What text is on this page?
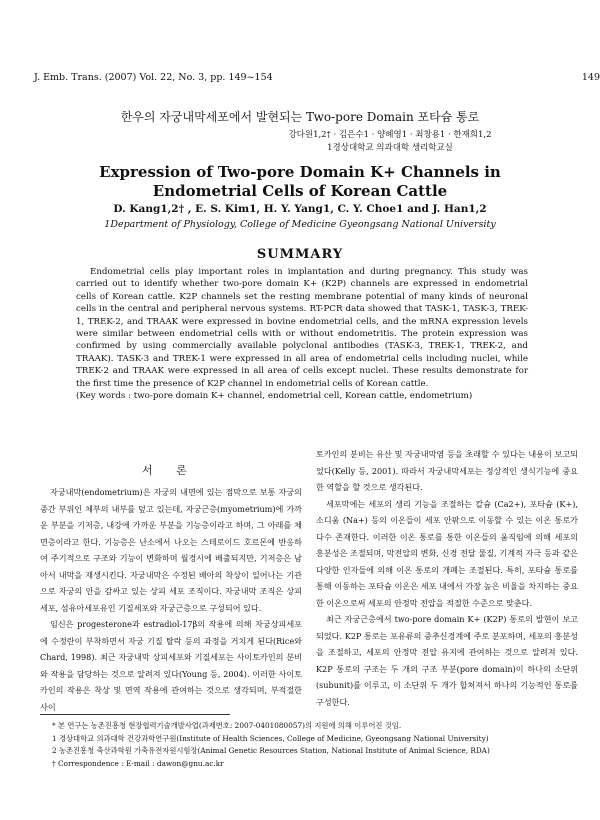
J. Emb. Trans. (2007) Vol. 22, No. 3, pp. 149~154	149
한우의 자궁내막세포에서 발현되는 Two-pore Domain 포타슘 통로
강다원1,2† · 김은수1 · 양혜영1 · 최창용1 · 한재희1,2
1경상대학교 의과대학 생리학교실
Expression of Two-pore Domain K+ Channels in Endometrial Cells of Korean Cattle
D. Kang1,2† , E. S. Kim1, H. Y. Yang1, C. Y. Choe1 and J. Han1,2
1Department of Physiology, College of Medicine Gyeongsang National University
SUMMARY

Endometrial cells play important roles in implantation and during pregnancy. This study was carried out to identify whether two-pore domain K+ (K2P) channels are expressed in endometrial cells of Korean cattle. K2P channels set the resting membrane potential of many kinds of neuronal cells in the central and peripheral nervous systems. RT-PCR data showed that TASK-1, TASK-3, TREK-1, TREK-2, and TRAAK were expressed in bovine endometrial cells, and the mRNA expression levels were similar between endometrial cells with or without endometritis. The protein expression was confirmed by using commercially available polyclonal antibodies (TASK-3, TREK-1, TREK-2, and TRAAK). TASK-3 and TREK-1 were expressed in all area of endometrial cells including nuclei, while TREK-2 and TRAAK were expressed in all area of cells except nuclei. These results demonstrate for the first time the presence of K2P channel in endometrial cells of Korean cattle.

(Key words : two-pore domain K+ channel, endometrial cell, Korean cattle, endometrium)

서 론

자궁내막(endometrium)은 자궁의 내면에 있는 점막으로 보통 자궁의 중간 부위인 체부의 내부를 덮고 있는데, 자궁근층(myometrium)에 가까운 부분을 기저층, 내강에 가까운 부분을 기능층이라고 하며, 그 아래를 체면층이라고 한다. 기능층은 난소에서 나오는 스테로이드 호르몬에 반응하여 주기적으로 구조와 기능이 변화하며 월경시에 배출되지만, 기저층은 남아서 내막을 재생시킨다. 자궁내막은 수정된 배아의 착상이 일어나는 기관으로 자궁의 안을 감싸고 있는 상피 세포 조직이다. 자궁내막 조직은 상피세포, 섬유아세포유인 기질세포와 자궁근층으로 구성되어 있다.

임신은 progesterone과 estradiol-17β의 작용에 의해 자궁상피세포에 수정란이 부착하면서 자궁 기질 탈락 등의 과정을 거치게 된다(Rice와 Chard, 1998). 최근 자궁내막 상피세포와 기질세포는 사이토카인의 분비와 작용을 담당하는 것으로 알려져 있다(Young 등, 2004). 이러한 사이토카인의 작용은 착상 및 면역 작용에 관여하는 것으로 생각되며, 부적절한 사이

토카인의 분비는 유산 및 자궁내막염 등을 초래할 수 있다는 내용이 보고되었다(Kelly 등, 2001). 따라서 자궁내막세포는 정상적인 생식기능에 중요한 역할을 할 것으로 생각된다.

세포막에는 세포의 생리 기능을 조절하는 칼슘 (Ca2+), 포타슘 (K+), 소디움 (Na+) 등의 이온들이 세포 안팎으로 이동할 수 있는 이온 통로가 다수 존재한다. 이러한 이온 통로를 통한 이온들의 움직임에 의해 세포의 흥분성은 조절되며, 막전압의 변화, 신경 전달 물질, 기계적 자극 등과 같은 다양한 인자들에 의해 이온 통로의 개폐는 조절된다. 특히, 포타슘 통로를 통해 이동하는 포타슘 이온은 세포 내에서 가장 높은 비율을 차지하는 중요한 이온으로써 세포의 안정막 전압을 적절한 수준으로 맞춘다.

최근 자궁근층에서 two-pore domain K+ (K2P) 통로의 발현이 보고되었다. K2P 통로는 포유류의 중추신경계에 주로 분포하며, 세포의 흥분성을 조절하고, 세포의 안정막 전압 유지에 관여하는 것으로 알려져 있다. K2P 통로의 구조는 두 개의 구조 부분(pore domain)이 하나의 소단위(subunit)를 이루고, 이 소단위 두 개가 합쳐져서 하나의 기능적인 통로를 구성한다.

* 본 연구는 농촌진흥청 현장협력기술개발사업(과제번호: 2007-0401080057)의 지원에 의해 이루어진 것임.
1 경상대학교 의과대학 건강과학연구원(Institute of Health Sciences, College of Medicine, Gyeongsang National University)
2 농촌진흥청 축산과학원 가축유전자원시험장(Animal Genetic Resources Station, National Institute of Animal Science, RDA)
† Correspondence : E-mail : dawon@gnu.ac.kr
